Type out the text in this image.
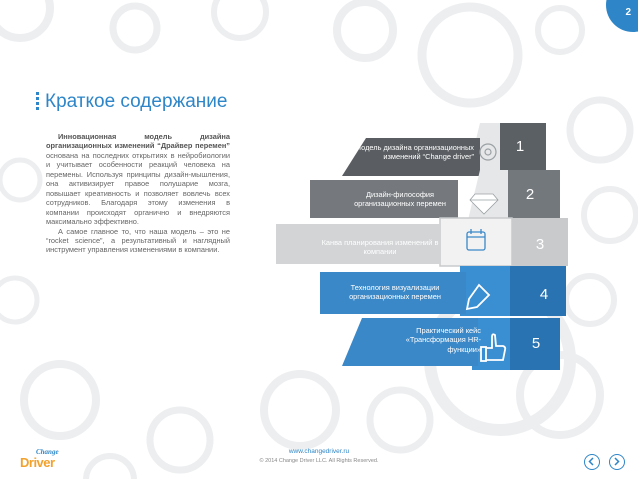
2
Краткое содержание

Инновационная модель дизайна организационных изменений “Драйвер перемен” основана на последних открытиях в нейробиологии и учитывает особенности реакций человека на перемены. Используя принципы дизайн-мышления, она активизирует правое полушарие мозга, повышает креативность и позволяет вовлечь всех сотрудников. Благодаря этому изменения в компании происходят органично и внедряются максимально эффективно.

А самое главное то, что наша модель – это не “rocket science”, а результативный и наглядный инструмент управления изменениями в компании.

Модель дизайна организационных изменений “Change driver”
Дизайн-философия организационных перемен
Канва планирования изменений в компании
Технология визуализации организационных перемен
Практический кейс «Трансформация HR-функции»
1
2
3
4
5
Change
Driver
www.changedriver.ru
© 2014 Change Driver LLC. All Rights Reserved.
